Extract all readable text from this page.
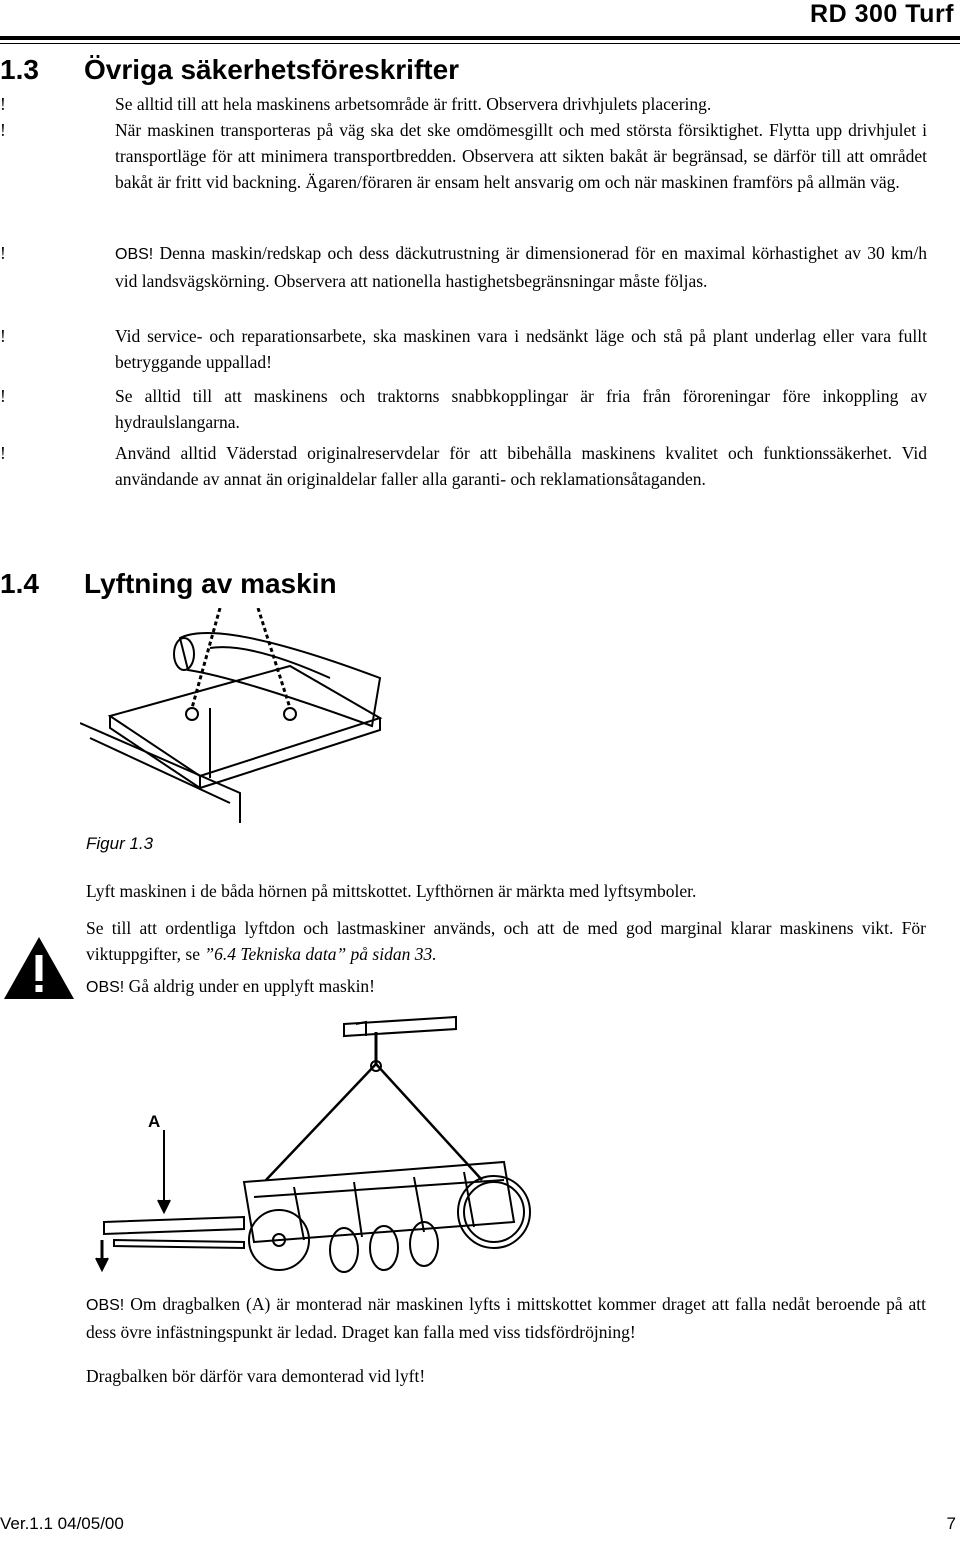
RD 300 Turf
1.3 Övriga säkerhetsföreskrifter
!	Se alltid till att hela maskinens arbetsområde är fritt. Observera drivhjulets placering.
!	När maskinen transporteras på väg ska det ske omdömesgillt och med största försiktighet. Flytta upp drivhjulet i transportläge för att minimera transportbredden. Observera att sikten bakåt är begränsad, se därför till att området bakåt är fritt vid backning. Ägaren/föraren är ensam helt ansvarig om och när maskinen framförs på allmän väg.
!	OBS! Denna maskin/redskap och dess däckutrustning är dimensionerad för en maximal körhastighet av 30 km/h vid landsvägskörning. Observera att nationella hastighetsbegränsningar måste följas.
!	Vid service- och reparationsarbete, ska maskinen vara i nedsänkt läge och stå på plant underlag eller vara fullt betryggande uppallad!
!	Se alltid till att maskinens och traktorns snabbkopplingar är fria från föroreningar före inkoppling av hydraulslangarna.
!	Använd alltid Väderstad originalreservdelar för att bibehålla maskinens kvalitet och funktionssäkerhet. Vid användande av annat än originaldelar faller alla garanti- och reklamationsåtaganden.
1.4 Lyftning av maskin
Figur 1.3
Lyft maskinen i de båda hörnen på mittskottet. Lyfthörnen är märkta med lyftsymboler.
Se till att ordentliga lyftdon och lastmaskiner används, och att de med god marginal klarar maskinens vikt. För viktuppgifter, se ”6.4 Tekniska data” på sidan 33.
OBS! Gå aldrig under en upplyft maskin!
A
OBS! Om dragbalken (A) är monterad när maskinen lyfts i mittskottet kommer draget att falla nedåt beroende på att dess övre infästningspunkt är ledad. Draget kan falla med viss tidsfördröjning!
Dragbalken bör därför vara demonterad vid lyft!
Ver.1.1 04/05/00	7
